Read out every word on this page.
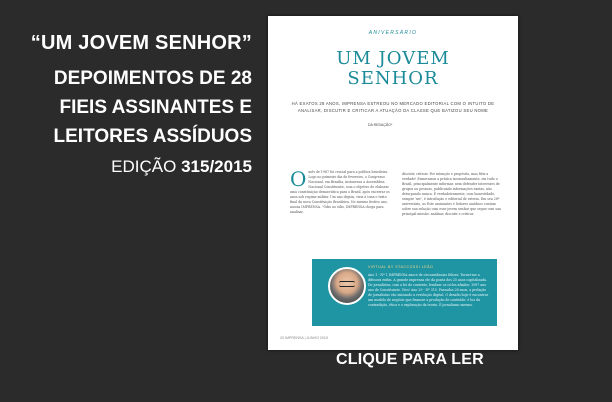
“UM JOVEM SENHOR”
DEPOIMENTOS DE 28
FIEIS ASSINANTES E
LEITORES ASSÍDUOS
EDIÇÃO 315/2015
ANIVERSÁRIO
UM JOVEM
SENHOR
HÁ EXATOS 28 ANOS, IMPRENSA ESTREOU NO MERCADO EDITORIAL COM O INTUITO DE ANALISAR, DISCUTIR E CRITICAR A ATUAÇÃO DA CLASSE QUE BATIZOU SEU NOME
DA REDAÇÃO*
O mês de 1987 foi crucial para a política brasileira. Logo no primeiro dia de fevereiro, o Congresso Nacional, em Brasília, instaurava a Assembleia Nacional Constituinte, com o objetivo de elaborar uma constituição democrática para o Brasil, após encerrar os anos sob regime militar. Um ano depois, viria à tona o texto final da nova Constituição Brasileira. No mesmo festivo ano, nascia IMPRENSA. "Ódio ao ódio, IMPRENSA chega para analisar,
discutir, criticar. Por intenção e propósito, mas fiéis a verdade! Esmeramos a prática inconsultamente, em tudo o Brasil, principalmente informar, nem defender interesses de grupos ou pessoas, publicando informações exatas, não deturpando nunca. É verdadeiramente, com honestidade, sempre 'ser', é introdução e editorial de estreia. Em seu 28º aniversário, as Este assinantes e leitores assíduos contam sobre sua relação com esse jovem senhor que segue com sua principal missão: analisar, discutir e criticar.
VIRTUAL BY STACCOSSI LEÃO
Ano 1 - Nº 1 IMPRENSA nasce de circunstâncias felizes. Tornei-me a difusora enfim. A grande imprensa ele da ponta dos 25 anos capitalizada. De jornalistas, com a lei do contexto, lembrar os ciclos afiados: 1987 ano ano de Constituinte. Vivo! Ano 29 - Nº 315. Passados 28 anos, a prelação de jornalistas vão iniciando a revolução digital. O desafio hoje é encontrar um modelo de negócio que financie a produção de conteúdo: é luz da contradição, ética e o exploração da teoria. É jornalismo mesmo.
20 IMPRENSA | JUNHO 2015
CLIQUE PARA LER
